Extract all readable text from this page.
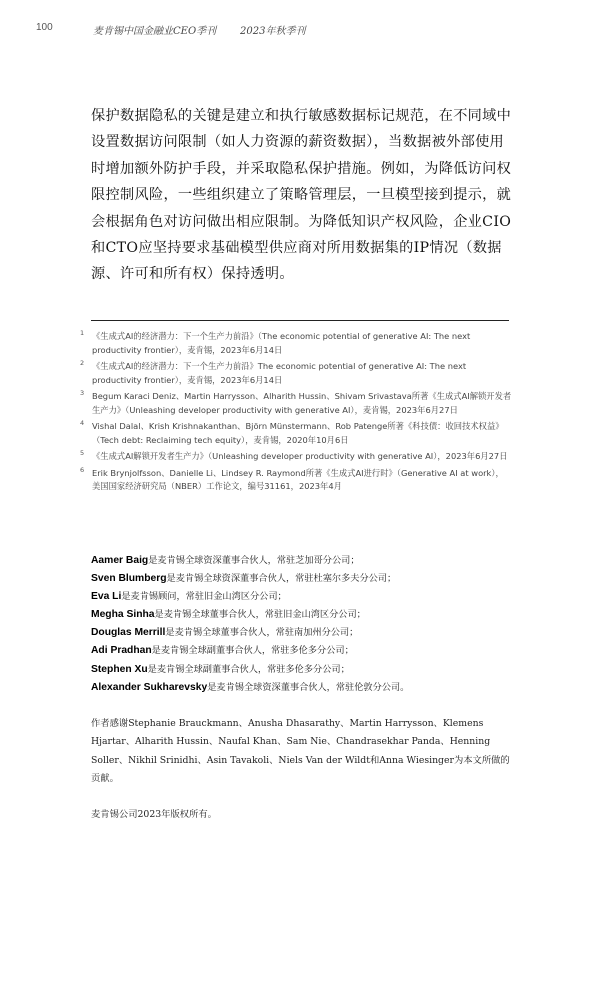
100	麦肯锡中国金融业CEO季刊 2023年秋季刊

保护数据隐私的关键是建立和执行敏感数据标记规范，在不同域中设置数据访问限制（如人力资源的薪资数据），当数据被外部使用时增加额外防护手段，并采取隐私保护措施。例如，为降低访问权限控制风险，一些组织建立了策略管理层，一旦模型接到提示，就会根据角色对访问做出相应限制。为降低知识产权风险，企业CIO和CTO应坚持要求基础模型供应商对所用数据集的IP情况（数据源、许可和所有权）保持透明。

1 《生成式AI的经济潜力：下一个生产力前沿》（The economic potential of generative AI: The next productivity frontier），麦肯锡，2023年6月14日
2 《生成式AI的经济潜力：下一个生产力前沿》The economic potential of generative AI: The next productivity frontier），麦肯锡，2023年6月14日
3 Begum Karaci Deniz、Martin Harrysson、Alharith Hussin、Shivam Srivastava所著《生成式AI解锁开发者生产力》（Unleashing developer productivity with generative AI），麦肯锡，2023年6月27日
4 Vishal Dalal、Krish Krishnakanthan、Björn Münstermann、Rob Patenge所著《科技债：收回技术权益》（Tech debt: Reclaiming tech equity），麦肯锡，2020年10月6日
5 《生成式AI解锁开发者生产力》（Unleashing developer productivity with generative AI），2023年6月27日
6 Erik Brynjolfsson、Danielle Li、Lindsey R. Raymond所著《生成式AI进行时》（Generative AI at work），美国国家经济研究局（NBER）工作论文，编号31161，2023年4月
Aamer Baig是麦肯锡全球资深董事合伙人，常驻芝加哥分公司；
Sven Blumberg是麦肯锡全球资深董事合伙人，常驻杜塞尔多夫分公司；
Eva Li是麦肯锡顾问，常驻旧金山湾区分公司；
Megha Sinha是麦肯锡全球董事合伙人，常驻旧金山湾区分公司；
Douglas Merrill是麦肯锡全球董事合伙人，常驻南加州分公司；
Adi Pradhan是麦肯锡全球副董事合伙人，常驻多伦多分公司；
Stephen Xu是麦肯锡全球副董事合伙人，常驻多伦多分公司；
Alexander Sukharevsky是麦肯锡全球资深董事合伙人，常驻伦敦分公司。

作者感谢Stephanie Brauckmann、Anusha Dhasarathy、Martin Harrysson、Klemens Hjartar、Alharith Hussin、Naufal Khan、Sam Nie、Chandrasekhar Panda、Henning Soller、Nikhil Srinidhi、Asin Tavakoli、Niels Van der Wildt和Anna Wiesinger为本文所做的贡献。

麦肯锡公司2023年版权所有。
